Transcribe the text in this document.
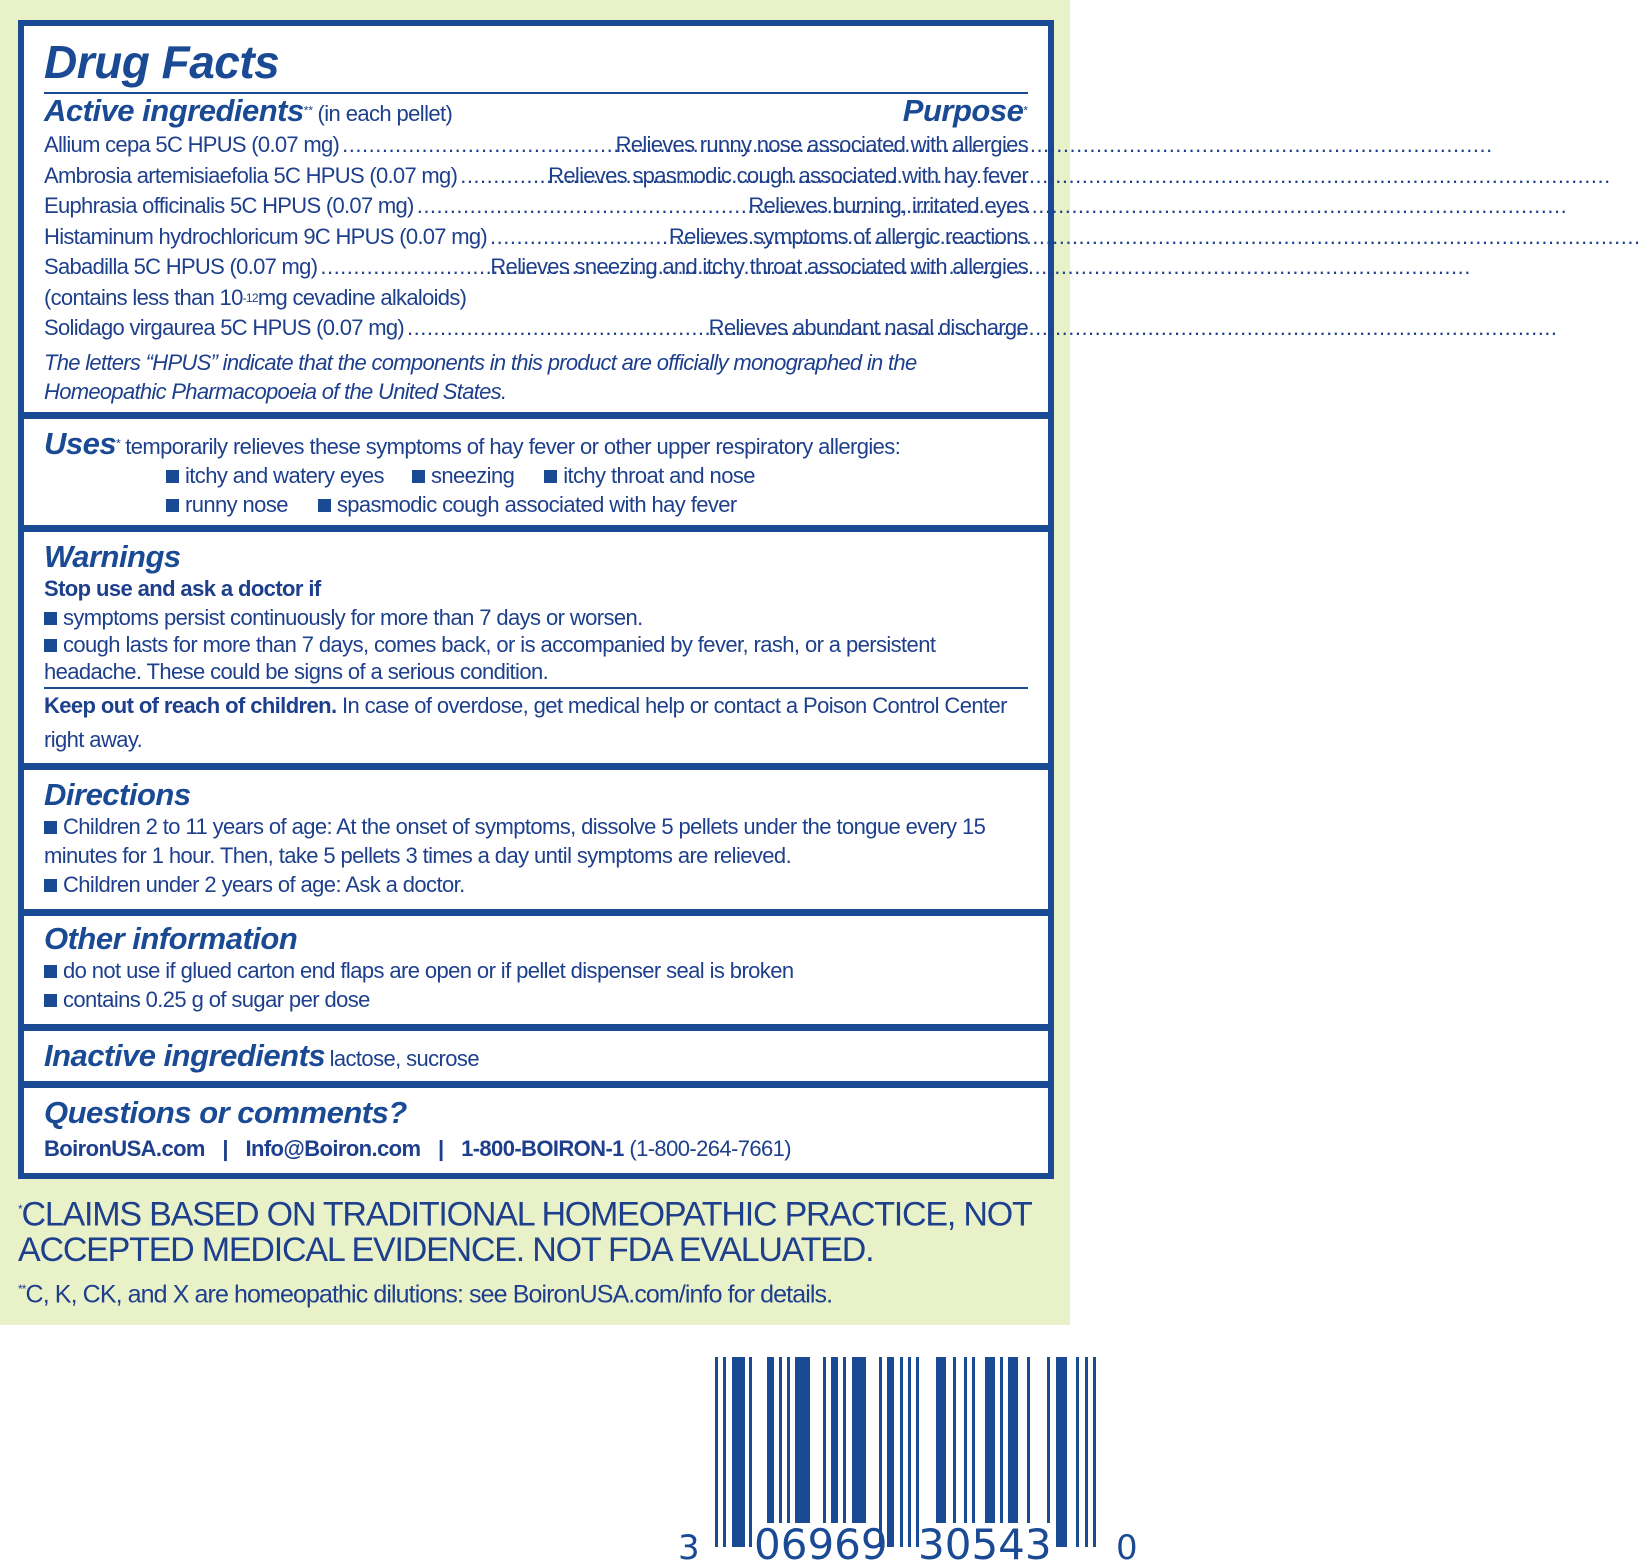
Drug Facts
Active ingredients** (in each pellet)	Purpose*
Allium cepa 5C HPUS (0.07 mg) .....	Relieves runny nose associated with allergies
Ambrosia artemisiaefolia 5C HPUS (0.07 mg) .....	Relieves spasmodic cough associated with hay fever
Euphrasia officinalis 5C HPUS (0.07 mg) .....	Relieves burning, irritated eyes
Histaminum hydrochloricum 9C HPUS (0.07 mg) .....	Relieves symptoms of allergic reactions
Sabadilla 5C HPUS (0.07 mg) .....	Relieves sneezing and itchy throat associated with allergies
(contains less than 10 -12 mg cevadine alkaloids)
Solidago virgaurea 5C HPUS (0.07 mg) .....	Relieves abundant nasal discharge
The letters “HPUS” indicate that the components in this product are officially monographed in the Homeopathic Pharmacopoeia of the United States.
Uses* temporarily relieves these symptoms of hay fever or other upper respiratory allergies:
itchy and watery eyes sneezing itchy throat and nose
runny nose spasmodic cough associated with hay fever
Warnings
Stop use and ask a doctor if
symptoms persist continuously for more than 7 days or worsen.
cough lasts for more than 7 days, comes back, or is accompanied by fever, rash, or a persistent headache. These could be signs of a serious condition.
Keep out of reach of children. In case of overdose, get medical help or contact a Poison Control Center right away.
Directions
Children 2 to 11 years of age: At the onset of symptoms, dissolve 5 pellets under the tongue every 15 minutes for 1 hour. Then, take 5 pellets 3 times a day until symptoms are relieved.
Children under 2 years of age: Ask a doctor.
Other information
do not use if glued carton end flaps are open or if pellet dispenser seal is broken
contains 0.25 g of sugar per dose
Inactive ingredients lactose, sucrose
Questions or comments?
BoironUSA.com | Info@Boiron.com | 1-800-BOIRON-1 (1-800-264-7661)
*CLAIMS BASED ON TRADITIONAL HOMEOPATHIC PRACTICE, NOT ACCEPTED MEDICAL EVIDENCE. NOT FDA EVALUATED.
**C, K, CK, and X are homeopathic dilutions: see BoironUSA.com/info for details.
3 06969 30543 0
